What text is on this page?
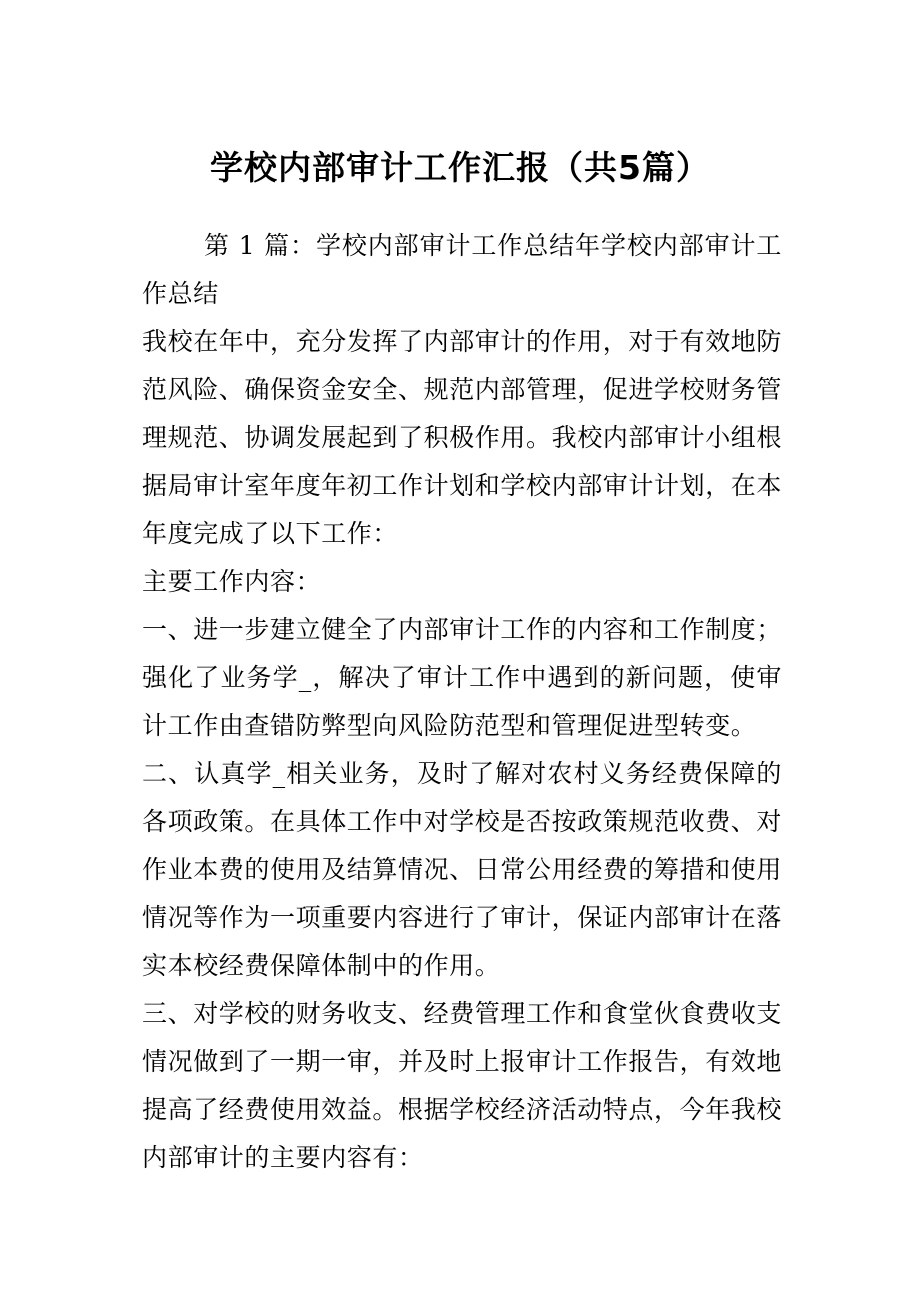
学校内部审计工作汇报（共5篇）

第 1 篇：学校内部审计工作总结年学校内部审计工作总结

我校在年中，充分发挥了内部审计的作用，对于有效地防范风险、确保资金安全、规范内部管理，促进学校财务管理规范、协调发展起到了积极作用。我校内部审计小组根据局审计室年度年初工作计划和学校内部审计计划，在本年度完成了以下工作：

主要工作内容：

一、进一步建立健全了内部审计工作的内容和工作制度；强化了业务学_，解决了审计工作中遇到的新问题，使审计工作由查错防弊型向风险防范型和管理促进型转变。

二、认真学_相关业务，及时了解对农村义务经费保障的各项政策。在具体工作中对学校是否按政策规范收费、对作业本费的使用及结算情况、日常公用经费的筹措和使用情况等作为一项重要内容进行了审计，保证内部审计在落实本校经费保障体制中的作用。

三、对学校的财务收支、经费管理工作和食堂伙食费收支情况做到了一期一审，并及时上报审计工作报告，有效地提高了经费使用效益。根据学校经济活动特点，今年我校内部审计的主要内容有：
